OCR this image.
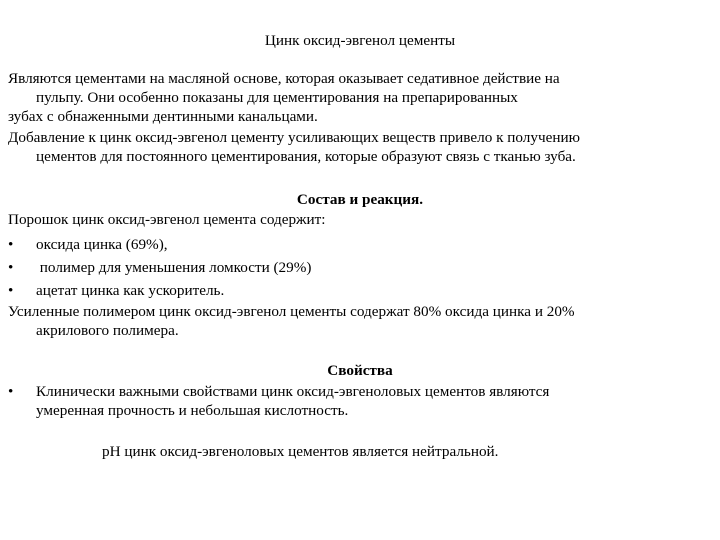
Цинк оксид-эвгенол цементы
Являются цементами на масляной основе, которая оказывает седативное действие на
пульпу. Они особенно показаны для цементирования на препарированных
зубах с обнаженными дентинными канальцами.
Добавление к цинк оксид-эвгенол цементу усиливающих веществ привело к получению
цементов для постоянного цементирования, которые образуют связь с тканью зуба.
Состав и реакция.
Порошок цинк оксид-эвгенол цемента содержит:
• оксида цинка (69%),
• полимер для уменьшения ломкости (29%)
• ацетат цинка как ускоритель.
Усиленные полимером цинк оксид-эвгенол цементы содержат 80% оксида цинка и 20%
акрилового полимера.
Свойства
• Клинически важными свойствами цинк оксид-эвгеноловых цементов являются
умеренная прочность и небольшая кислотность.
pH цинк оксид-эвгеноловых цементов является нейтральной.
